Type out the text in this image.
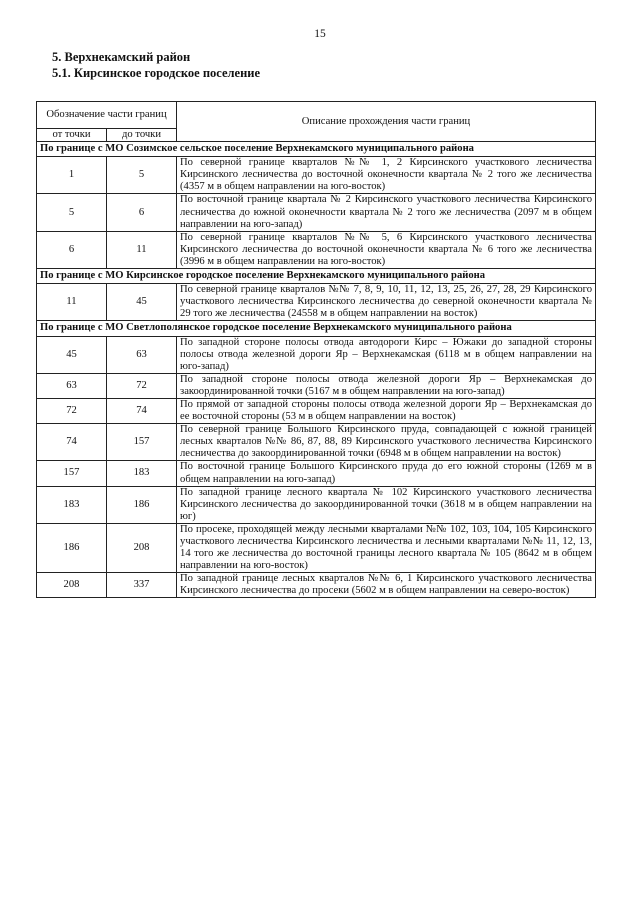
15
5. Верхнекамский район
5.1. Кирсинское городское поселение
Обозначение части границ		Описание прохождения части границ
от точки	до точки	
По границе с МО Созимское сельское поселение Верхнекамского муниципального района		
1	5	По северной границе кварталов №№ 1, 2 Кирсинского участкового лесничества Кирсинского лесничества до восточной оконечности квартала № 2 того же лесничества (4357 м в общем направлении на юго-восток)
5	6	По восточной границе квартала № 2 Кирсинского участкового лесничества Кирсинского лесничества до южной оконечности квартала № 2 того же лесничества (2097 м в общем направлении на юго-запад)
6	11	По северной границе кварталов №№ 5, 6 Кирсинского участкового лесничества Кирсинского лесничества до восточной оконечности квартала № 6 того же лесничества (3996 м в общем направлении на юго-восток)
По границе с МО Кирсинское городское поселение Верхнекамского муниципального района		
11	45	По северной границе кварталов №№ 7, 8, 9, 10, 11, 12, 13, 25, 26, 27, 28, 29 Кирсинского участкового лесничества Кирсинского лесничества до северной оконечности квартала № 29 того же лесничества (24558 м в общем направлении на восток)
По границе с МО Светлополянское городское поселение Верхнекамского муниципального района		
45	63	По западной стороне полосы отвода автодороги Кирс – Южаки до западной стороны полосы отвода железной дороги Яр – Верхнекамская (6118 м в общем направлении на юго-запад)
63	72	По западной стороне полосы отвода железной дороги Яр – Верхнекамская до закоординированной точки (5167 м в общем направлении на юго-запад)
72	74	По прямой от западной стороны полосы отвода железной дороги Яр – Верхнекамская до ее восточной стороны (53 м в общем направлении на восток)
74	157	По северной границе Большого Кирсинского пруда, совпадающей с южной границей лесных кварталов №№ 86, 87, 88, 89 Кирсинского участкового лесничества Кирсинского лесничества до закоординированной точки (6948 м в общем направлении на восток)
157	183	По восточной границе Большого Кирсинского пруда до его южной стороны (1269 м в общем направлении на юго-запад)
183	186	По западной границе лесного квартала № 102 Кирсинского участкового лесничества Кирсинского лесничества до закоординированной точки (3618 м в общем направлении на юг)
186	208	По просеке, проходящей между лесными кварталами №№ 102, 103, 104, 105 Кирсинского участкового лесничества Кирсинского лесничества и лесными кварталами №№ 11, 12, 13, 14 того же лесничества до восточной границы лесного квартала № 105 (8642 м в общем направлении на юго-восток)
208	337	По западной границе лесных кварталов №№ 6, 1 Кирсинского участкового лесничества Кирсинского лесничества до просеки (5602 м в общем направлении на северо-восток)
